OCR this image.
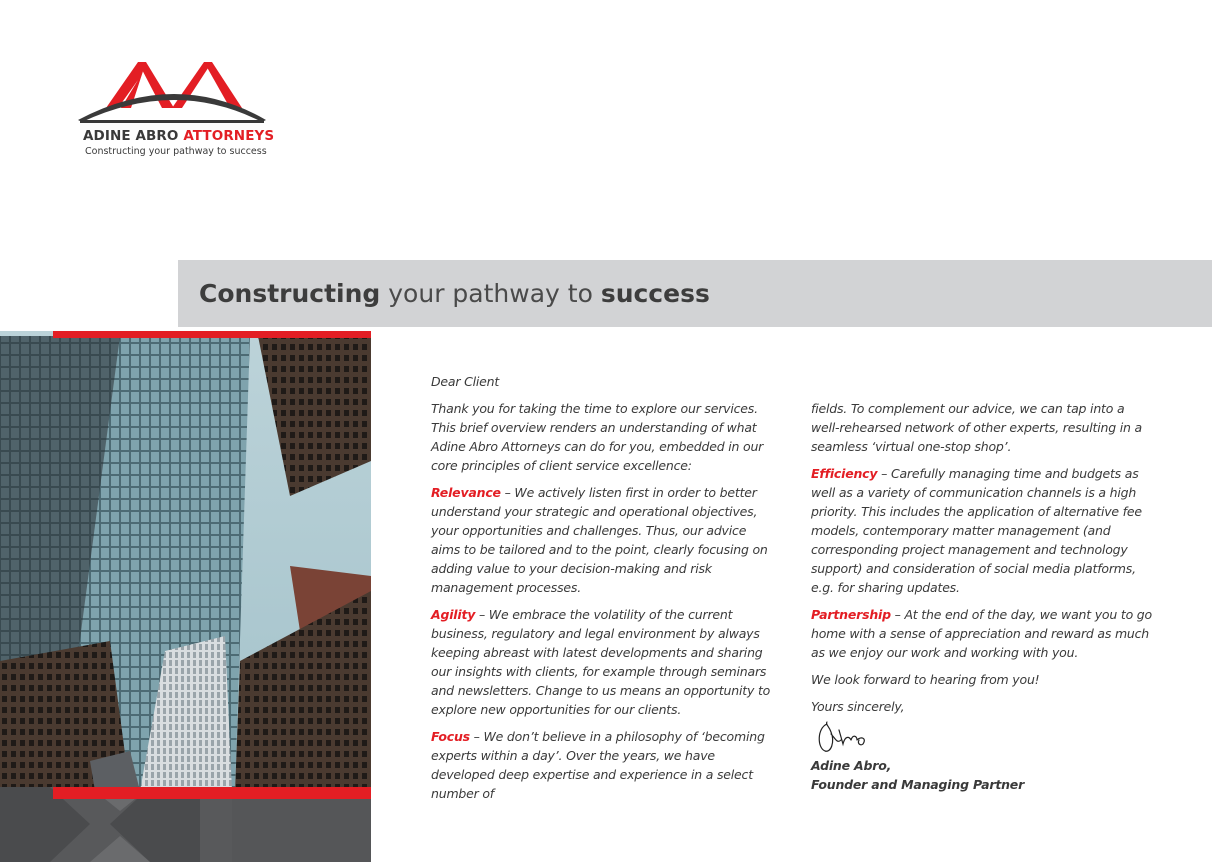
ADINE ABRO ATTORNEYS
Constructing your pathway to success
Constructing your pathway to success

Dear Client

Thank you for taking the time to explore our services. This brief overview renders an understanding of what Adine Abro Attorneys can do for you, embedded in our core principles of client service excellence:

Relevance – We actively listen first in order to better understand your strategic and operational objectives, your opportunities and challenges. Thus, our advice aims to be tailored and to the point, clearly focusing on adding value to your decision-making and risk management processes.

Agility – We embrace the volatility of the current business, regulatory and legal environment by always keeping abreast with latest developments and sharing our insights with clients, for example through seminars and newsletters. Change to us means an opportunity to explore new opportunities for our clients.

Focus – We don’t believe in a philosophy of ‘becoming experts within a day’. Over the years, we have developed deep expertise and experience in a select number of

fields. To complement our advice, we can tap into a well-rehearsed network of other experts, resulting in a seamless ‘virtual one-stop shop’.

Efficiency – Carefully managing time and budgets as well as a variety of communication channels is a high priority. This includes the application of alternative fee models, contemporary matter management (and corresponding project management and technology support) and consideration of social media platforms, e.g. for sharing updates.

Partnership – At the end of the day, we want you to go home with a sense of appreciation and reward as much as we enjoy our work and working with you.

We look forward to hearing from you!

Yours sincerely,

Adine Abro,

Founder and Managing Partner
